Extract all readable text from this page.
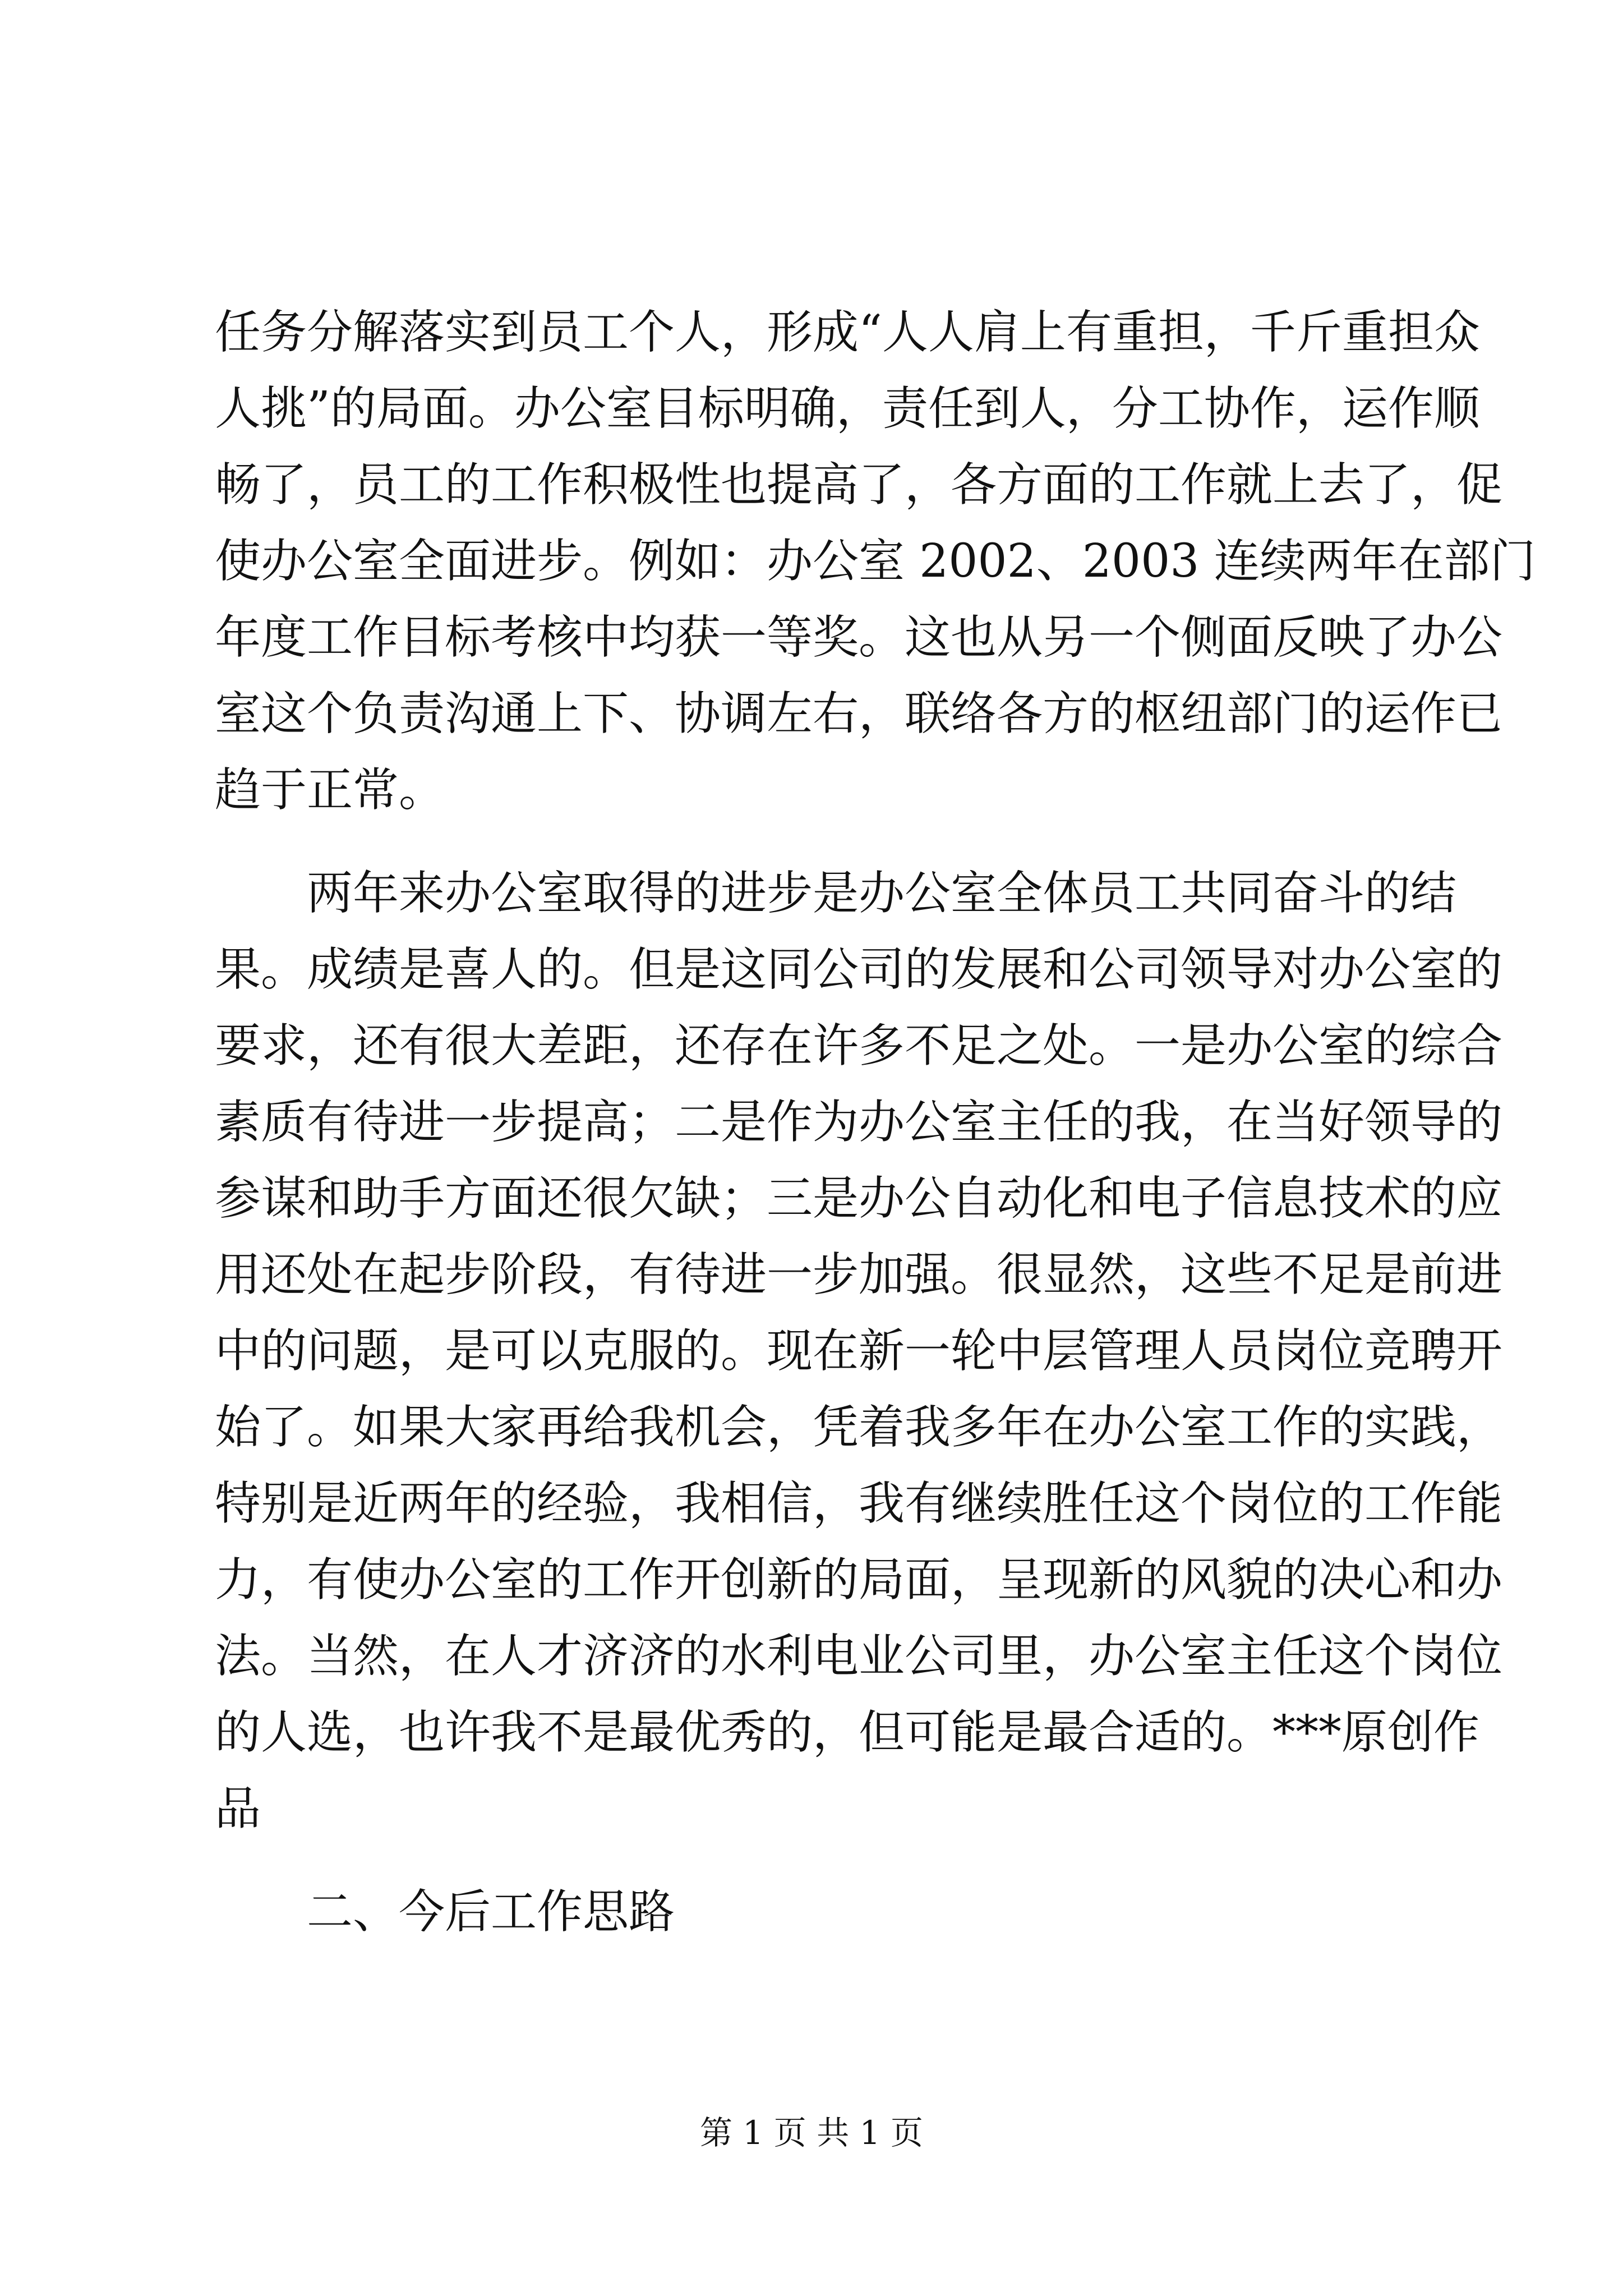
任务分解落实到员工个人，形成“人人肩上有重担，千斤重担众
人挑”的局面。办公室目标明确，责任到人，分工协作，运作顺
畅了，员工的工作积极性也提高了，各方面的工作就上去了，促
使办公室全面进步。例如：办公室 2002、2003 连续两年在部门
年度工作目标考核中均获一等奖。这也从另一个侧面反映了办公
室这个负责沟通上下、协调左右，联络各方的枢纽部门的运作已
趋于正常。
两年来办公室取得的进步是办公室全体员工共同奋斗的结
果。成绩是喜人的。但是这同公司的发展和公司领导对办公室的
要求，还有很大差距，还存在许多不足之处。一是办公室的综合
素质有待进一步提高；二是作为办公室主任的我，在当好领导的
参谋和助手方面还很欠缺；三是办公自动化和电子信息技术的应
用还处在起步阶段，有待进一步加强。很显然，这些不足是前进
中的问题，是可以克服的。现在新一轮中层管理人员岗位竞聘开
始了。如果大家再给我机会，凭着我多年在办公室工作的实践，
特别是近两年的经验，我相信，我有继续胜任这个岗位的工作能
力，有使办公室的工作开创新的局面，呈现新的风貌的决心和办
法。当然，在人才济济的水利电业公司里，办公室主任这个岗位
的人选，也许我不是最优秀的，但可能是最合适的。***原创作
品
二、今后工作思路
第 1 页 共 1 页
